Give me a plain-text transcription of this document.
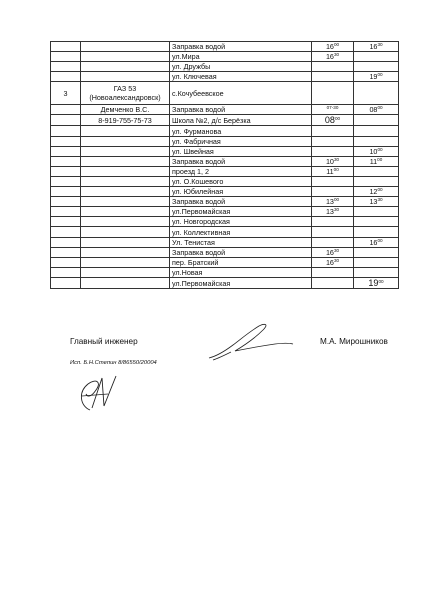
		Заправка водой	$16^{00}$	$16^{30}$
		ул.Мира	$16^{30}$	
		ул. Дружбы		
		ул. Ключевая		$19^{00}$
3	ГАЗ 53 (Новоалександровск)	с.Кочубеевское		
	Демченко В.С.	Заправка водой	$^{07-30}$	$08^{00}$
	8-919-755-75-73	Школа №2, д/с Берёзка	$08^{00}$	
		ул. Фурманова		
		ул. Фабричная		
		ул. Швейная		$10^{00}$
		Заправка водой	$10^{30}$	$11^{00}$
		проезд 1, 2	$11^{00}$	
		ул. О.Кошевого		
		ул. Юбилейная		$12^{00}$
		Заправка водой	$13^{00}$	$13^{30}$
		ул.Первомайская	$13^{30}$	
		ул. Новгородская		
		ул. Коллективная		
		Ул. Тенистая		$16^{00}$
		Заправка водой	$16^{30}$	
		пер. Братский	$16^{30}$	
		ул.Новая		
		ул.Первомайская		$19^{00}$
Главный инженер	М.А. Мирошников
Исп. Б.Н.Степин 8/86550/20004
